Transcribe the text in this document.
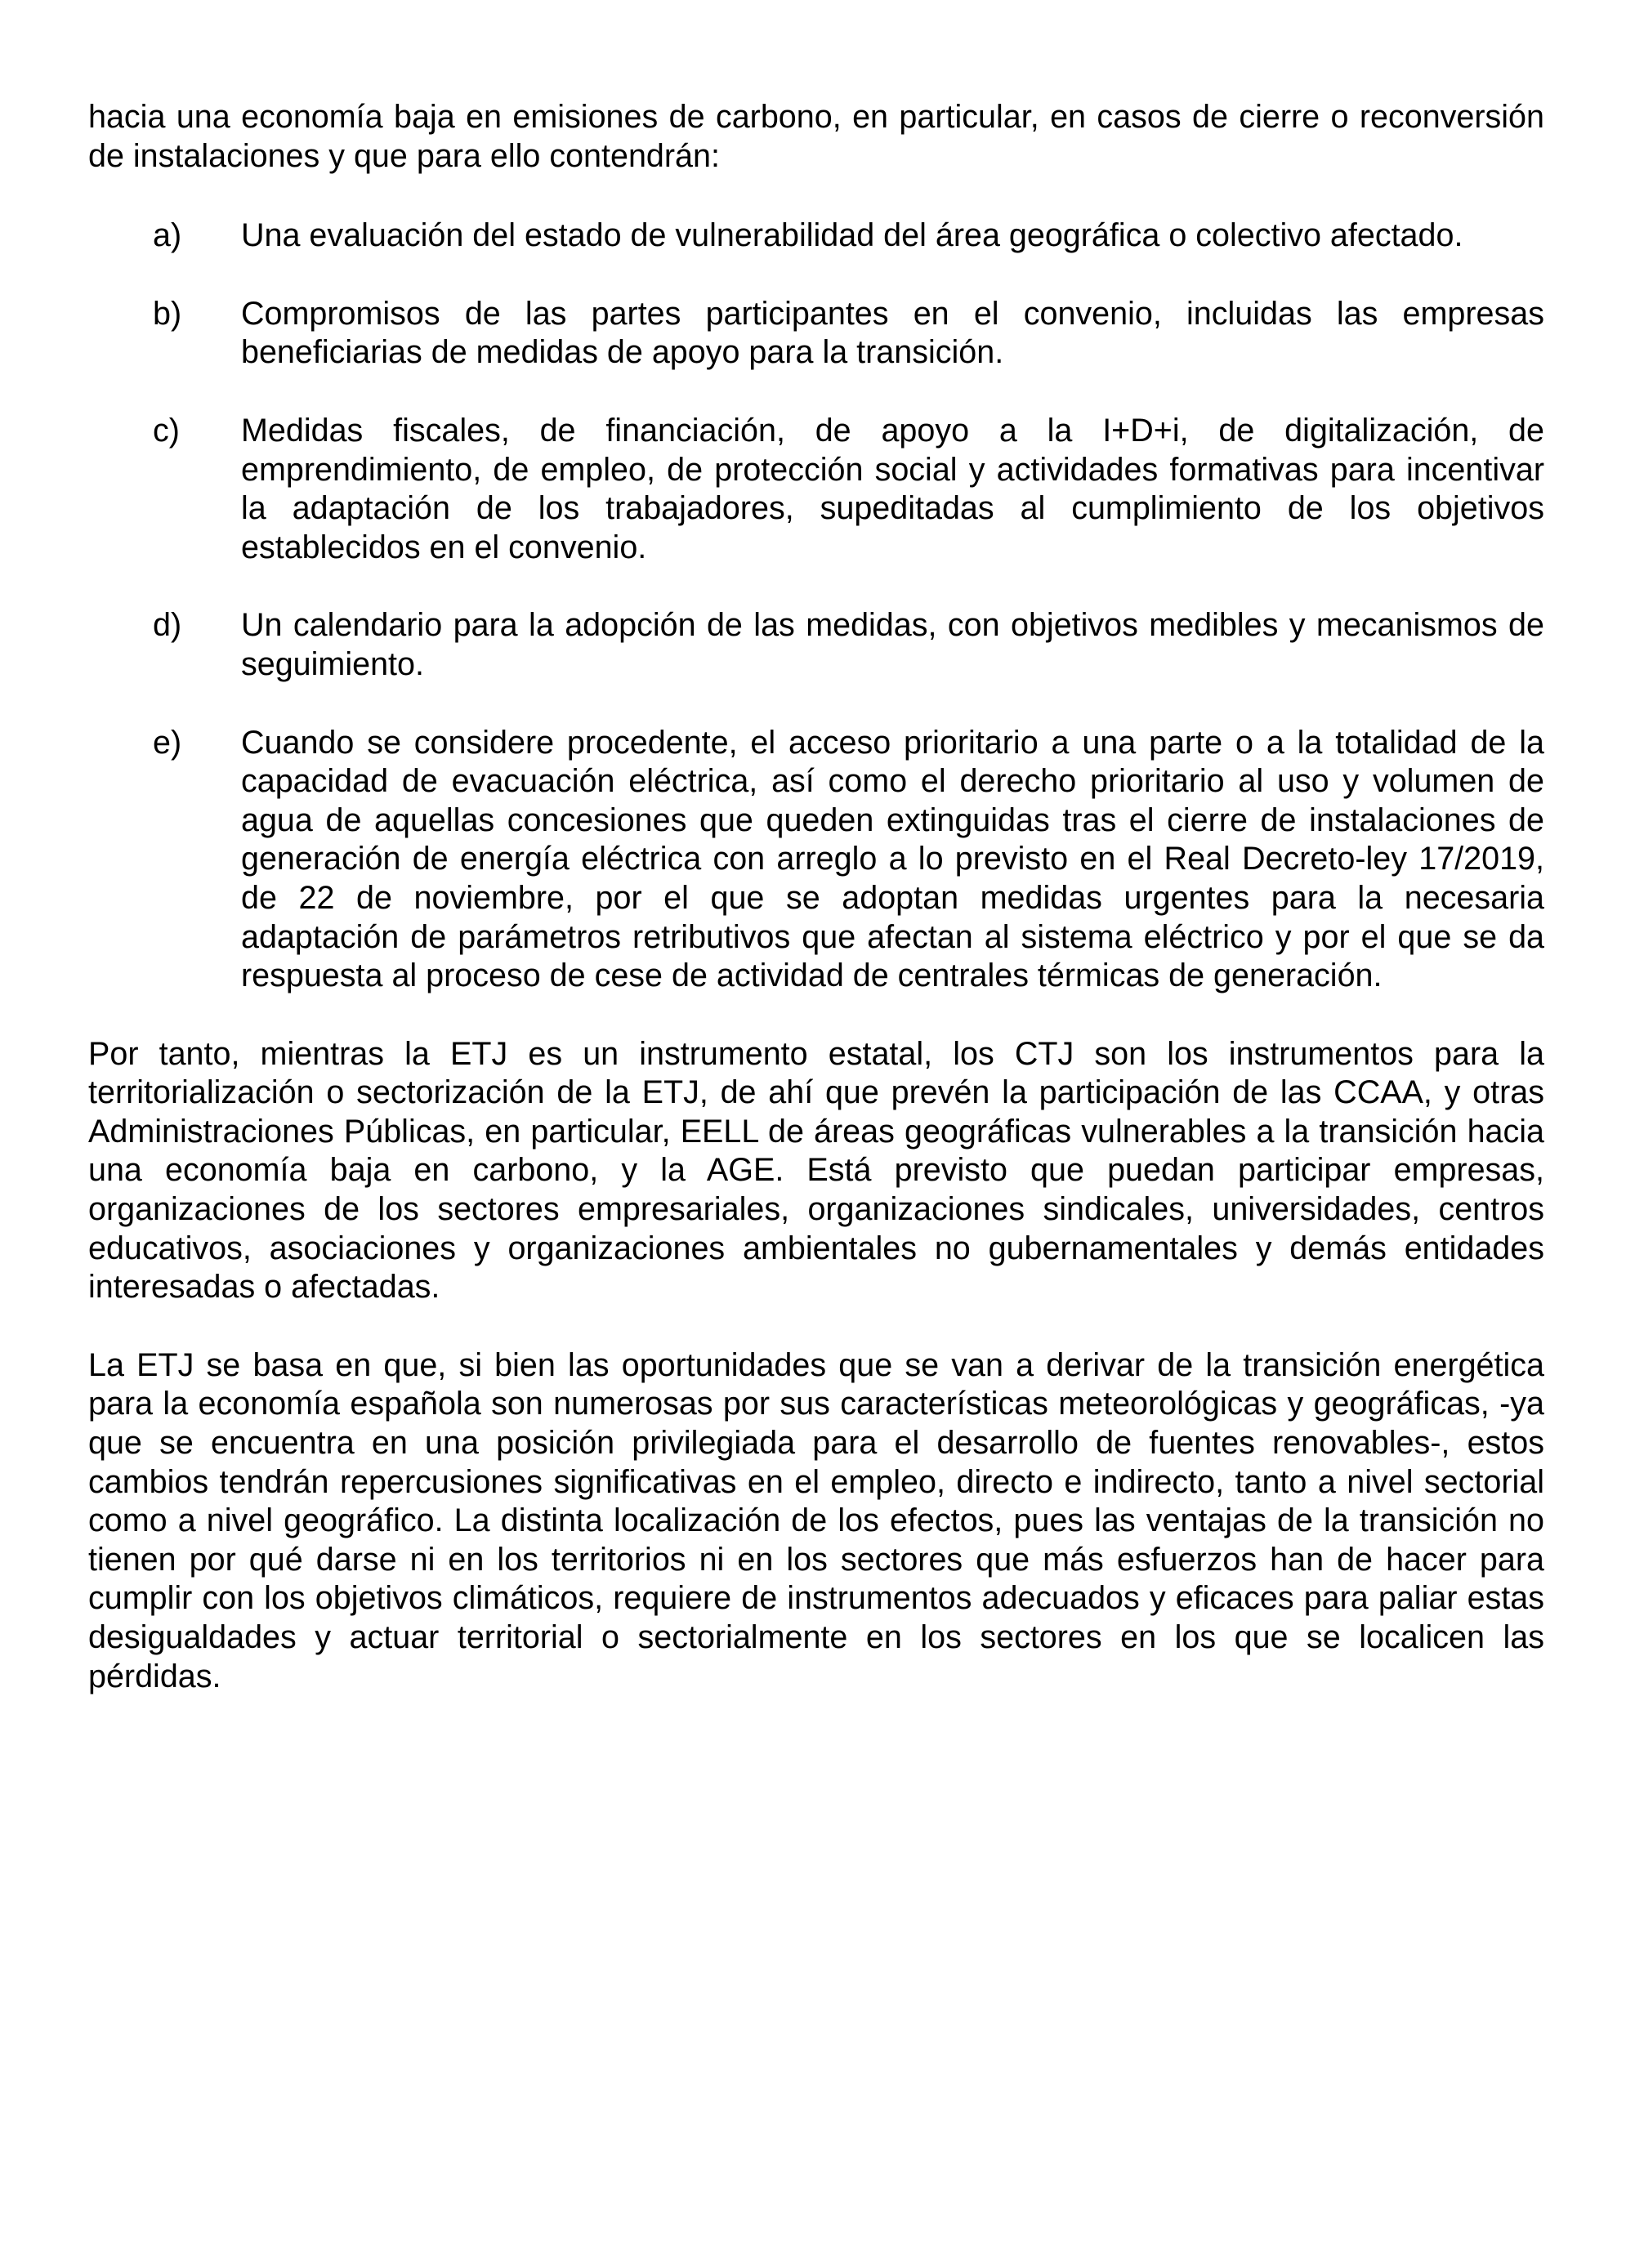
hacia una economía baja en emisiones de carbono, en particular, en casos de cierre o reconversión de instalaciones y que para ello contendrán:

a)	Una evaluación del estado de vulnerabilidad del área geográfica o colectivo afectado.
b)	Compromisos de las partes participantes en el convenio, incluidas las empresas beneficiarias de medidas de apoyo para la transición.
c)	Medidas fiscales, de financiación, de apoyo a la I+D+i, de digitalización, de emprendimiento, de empleo, de protección social y actividades formativas para incentivar la adaptación de los trabajadores, supeditadas al cumplimiento de los objetivos establecidos en el convenio.
d)	Un calendario para la adopción de las medidas, con objetivos medibles y mecanismos de seguimiento.
e)	Cuando se considere procedente, el acceso prioritario a una parte o a la totalidad de la capacidad de evacuación eléctrica, así como el derecho prioritario al uso y volumen de agua de aquellas concesiones que queden extinguidas tras el cierre de instalaciones de generación de energía eléctrica con arreglo a lo previsto en el Real Decreto-ley 17/2019, de 22 de noviembre, por el que se adoptan medidas urgentes para la necesaria adaptación de parámetros retributivos que afectan al sistema eléctrico y por el que se da respuesta al proceso de cese de actividad de centrales térmicas de generación.

Por tanto, mientras la ETJ es un instrumento estatal, los CTJ son los instrumentos para la territorialización o sectorización de la ETJ, de ahí que prevén la participación de las CCAA, y otras Administraciones Públicas, en particular, EELL de áreas geográficas vulnerables a la transición hacia una economía baja en carbono, y la AGE. Está previsto que puedan participar empresas, organizaciones de los sectores empresariales, organizaciones sindicales, universidades, centros educativos, asociaciones y organizaciones ambientales no gubernamentales y demás entidades interesadas o afectadas.

La ETJ se basa en que, si bien las oportunidades que se van a derivar de la transición energética para la economía española son numerosas por sus características meteorológicas y geográficas, -ya que se encuentra en una posición privilegiada para el desarrollo de fuentes renovables-, estos cambios tendrán repercusiones significativas en el empleo, directo e indirecto, tanto a nivel sectorial como a nivel geográfico. La distinta localización de los efectos, pues las ventajas de la transición no tienen por qué darse ni en los territorios ni en los sectores que más esfuerzos han de hacer para cumplir con los objetivos climáticos, requiere de instrumentos adecuados y eficaces para paliar estas desigualdades y actuar territorial o sectorialmente en los sectores en los que se localicen las pérdidas.
